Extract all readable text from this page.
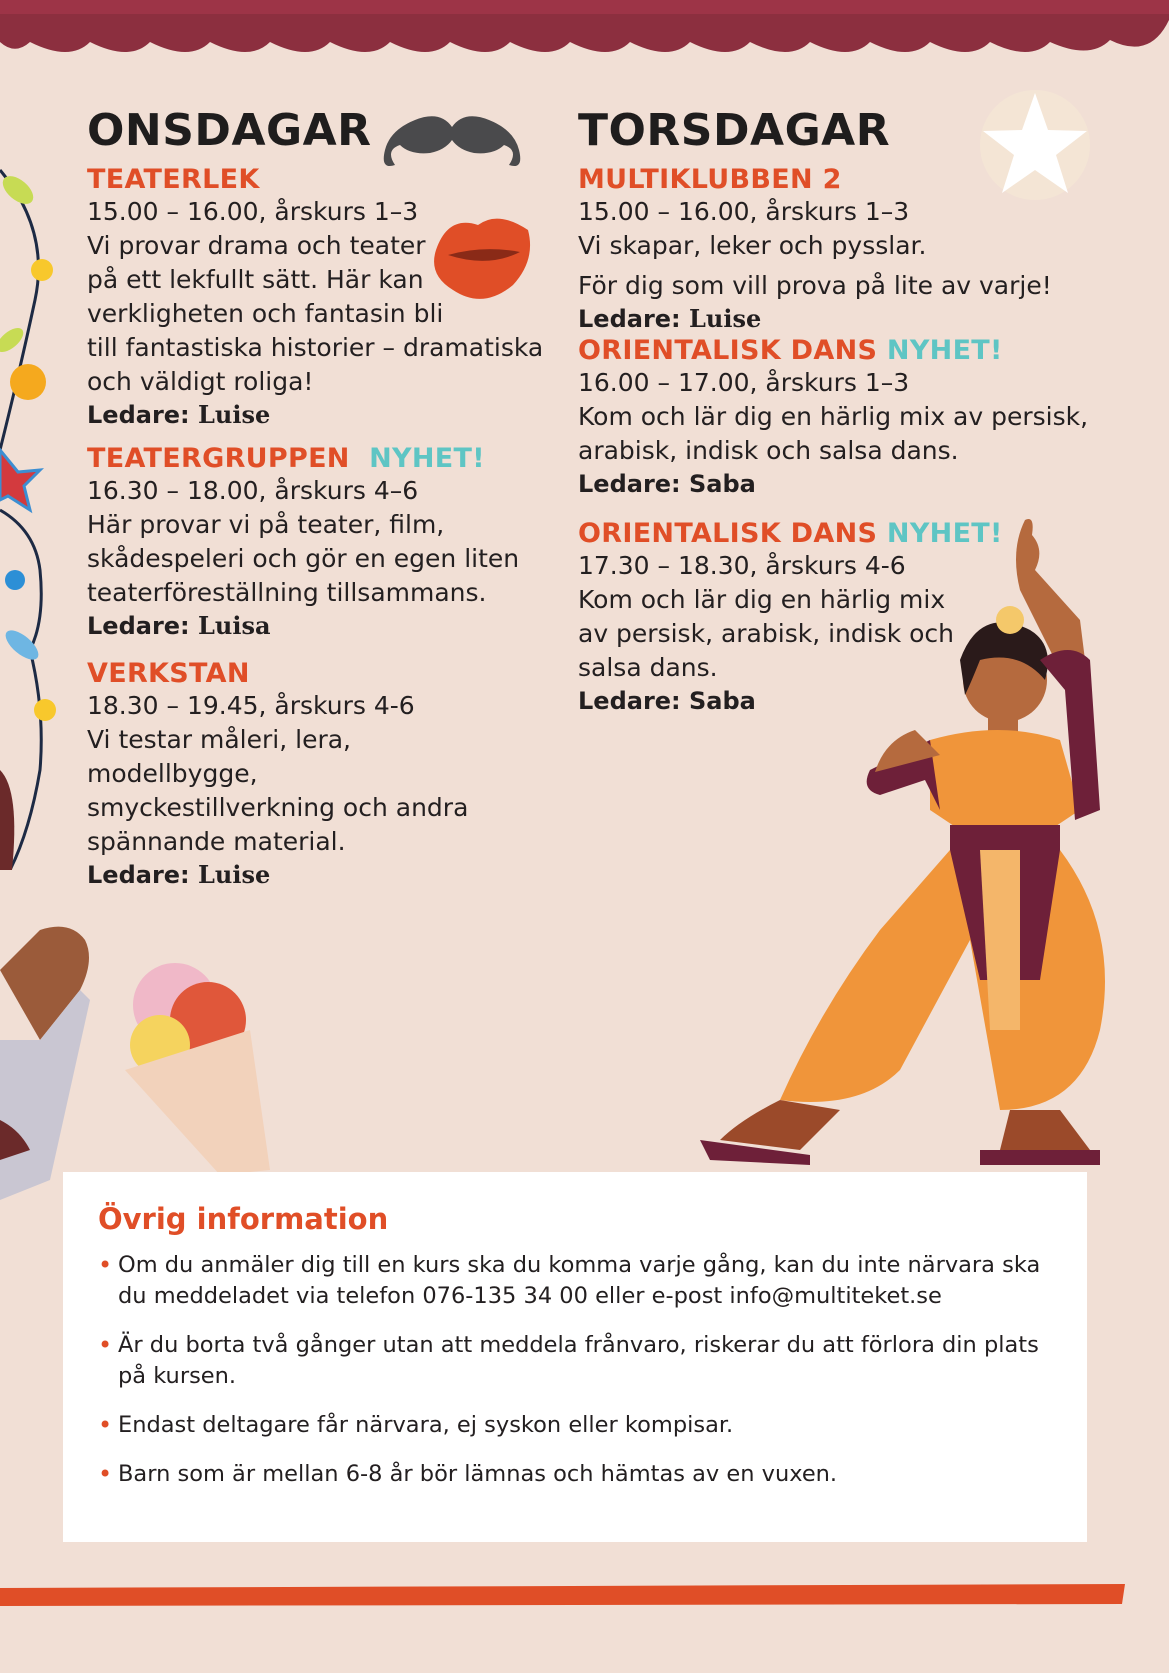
ONSDAGAR
TEATERLEK
15.00 – 16.00, årskurs 1–3
Vi provar drama och teater
på ett lekfullt sätt. Här kan
verkligheten och fantasin bli
till fantastiska historier – dramatiska
och väldigt roliga!
Ledare: Luise
TEATERGRUPPEN NYHET!
16.30 – 18.00, årskurs 4–6
Här provar vi på teater, film,
skådespeleri och gör en egen liten
teaterföreställning tillsammans.
Ledare: Luisa
VERKSTAN
18.30 – 19.45, årskurs 4-6
Vi testar måleri, lera, modellbygge,
smyckestillverkning och andra
spännande material.
Ledare: Luise
TORSDAGAR
MULTIKLUBBEN 2
15.00 – 16.00, årskurs 1–3
Vi skapar, leker och pysslar.
För dig som vill prova på lite av varje!
Ledare: Luise
ORIENTALISK DANS NYHET!
16.00 – 17.00, årskurs 1–3
Kom och lär dig en härlig mix av persisk,
arabisk, indisk och salsa dans.
Ledare: Saba
ORIENTALISK DANS NYHET!
17.30 – 18.30, årskurs 4-6
Kom och lär dig en härlig mix
av persisk, arabisk, indisk och
salsa dans.
Ledare: Saba
Övrig information
• Om du anmäler dig till en kurs ska du komma varje gång, kan du inte närvara ska du meddeladet via telefon 076-135 34 00 eller e-post info@multiteket.se
• Är du borta två gånger utan att meddela frånvaro, riskerar du att förlora din plats på kursen.
• Endast deltagare får närvara, ej syskon eller kompisar.
• Barn som är mellan 6-8 år bör lämnas och hämtas av en vuxen.
